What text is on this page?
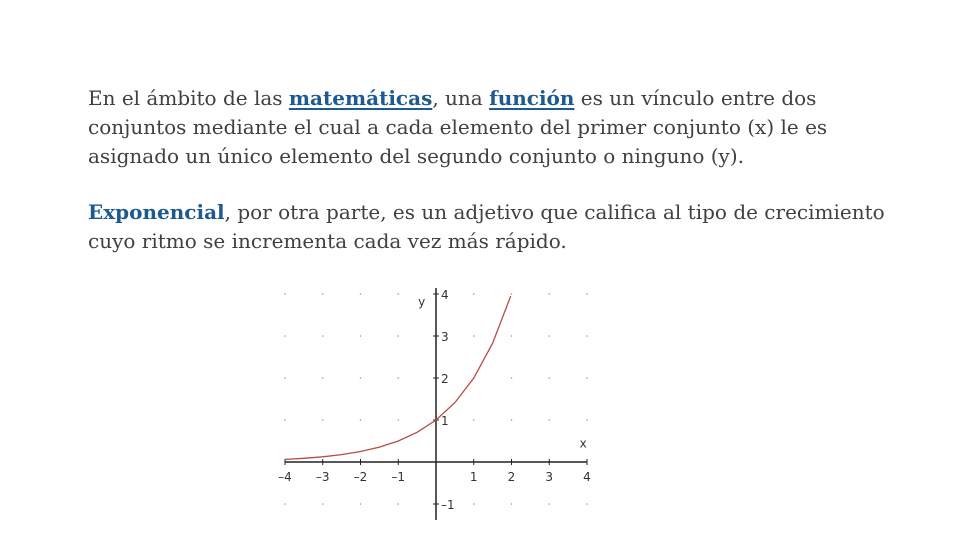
En el ámbito de las matemáticas, una función es un vínculo entre dos conjuntos mediante el cual a cada elemento del primer conjunto (x) le es asignado un único elemento del segundo conjunto o ninguno (y).

Exponencial, por otra parte, es un adjetivo que califica al tipo de crecimiento cuyo ritmo se incrementa cada vez más rápido.

–4 –3 –2 –1	1	2	3	4
–1
1
2
3
4
x
y
